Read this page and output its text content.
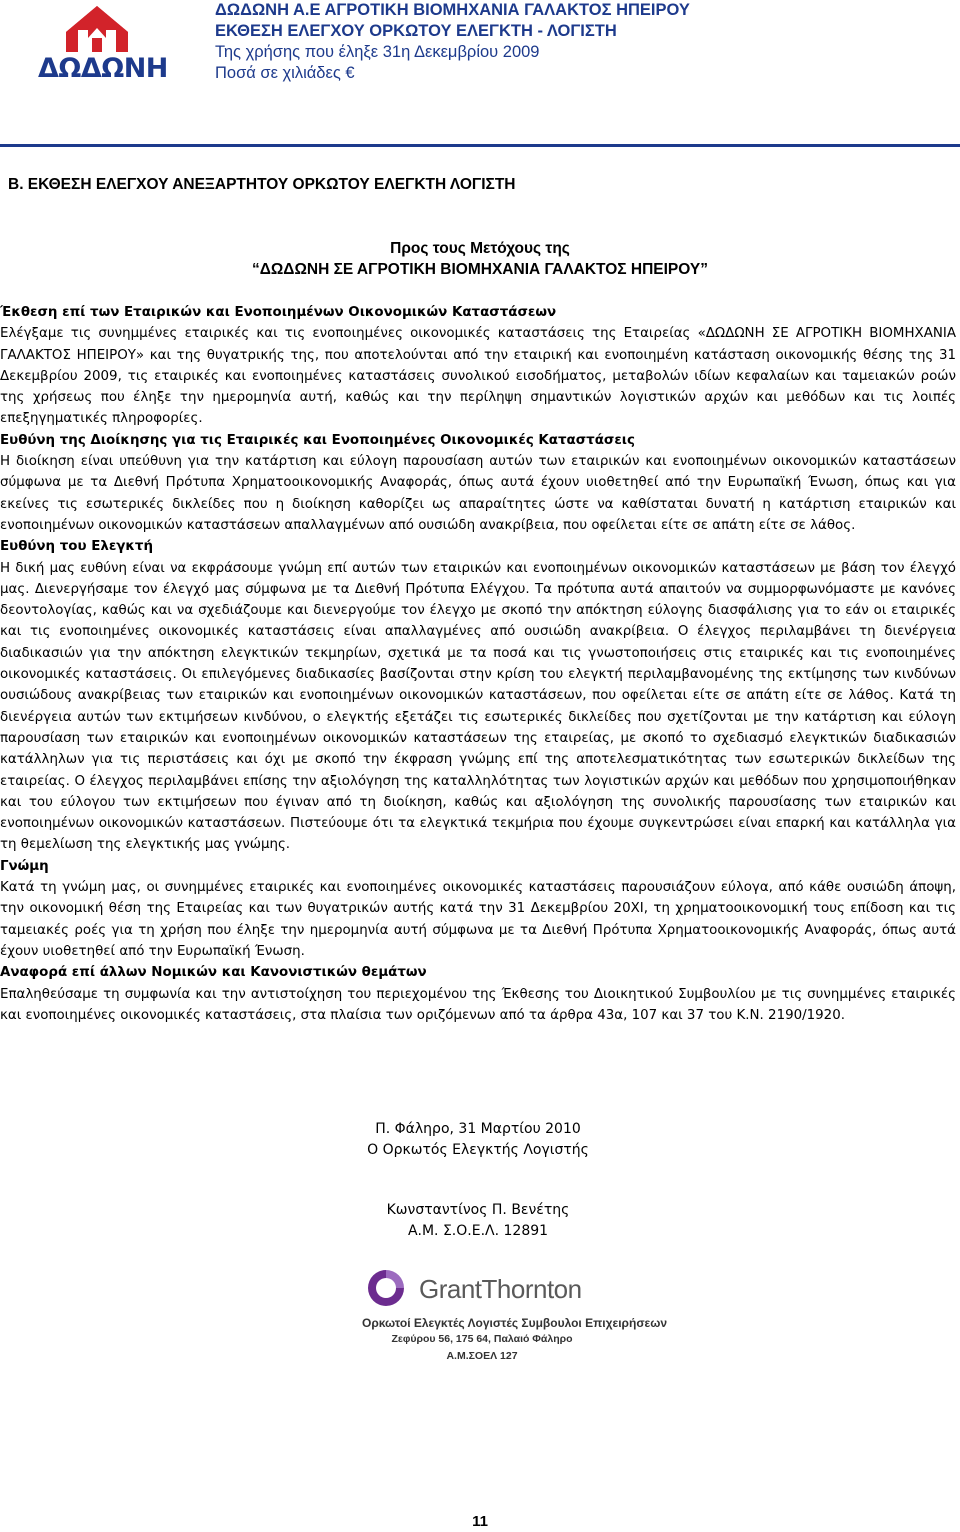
ΔΩΔΩΝΗ
ΔΩΔΩΝΗ Α.Ε ΑΓΡΟΤΙΚΗ ΒΙΟΜΗΧΑΝΙΑ ΓΑΛΑΚΤΟΣ ΗΠΕΙΡΟΥ
ΕΚΘΕΣΗ ΕΛΕΓΧΟΥ ΟΡΚΩΤΟΥ ΕΛΕΓΚΤΗ - ΛΟΓΙΣΤΗ
Της χρήσης που έληξε 31η Δεκεμβρίου 2009
Ποσά σε χιλιάδες €
Β. ΕΚΘΕΣΗ ΕΛΕΓΧΟΥ ΑΝΕΞΑΡΤΗΤΟΥ ΟΡΚΩΤΟΥ ΕΛΕΓΚΤΗ ΛΟΓΙΣΤΗ
Προς τους Μετόχους της
“ΔΩΔΩΝΗ ΣΕ ΑΓΡΟΤΙΚΗ ΒΙΟΜΗΧΑΝΙΑ ΓΑΛΑΚΤΟΣ ΗΠΕΙΡΟΥ”
Έκθεση επί των Εταιρικών και Ενοποιημένων Οικονομικών Καταστάσεων

Ελέγξαμε τις συνημμένες εταιρικές και τις ενοποιημένες οικονομικές καταστάσεις της Εταιρείας «ΔΩΔΩΝΗ ΣΕ ΑΓΡΟΤΙΚΗ ΒΙΟΜΗΧΑΝΙΑ ΓΑΛΑΚΤΟΣ ΗΠΕΙΡΟΥ» και της θυγατρικής της, που αποτελούνται από την εταιρική και ενοποιημένη κατάσταση οικονομικής θέσης της 31 Δεκεμβρίου 2009, τις εταιρικές και ενοποιημένες καταστάσεις συνολικού εισοδήματος, μεταβολών ιδίων κεφαλαίων και ταμειακών ροών της χρήσεως που έληξε την ημερομηνία αυτή, καθώς και την περίληψη σημαντικών λογιστικών αρχών και μεθόδων και τις λοιπές επεξηγηματικές πληροφορίες.

Ευθύνη της Διοίκησης για τις Εταιρικές και Ενοποιημένες Οικονομικές Καταστάσεις

Η διοίκηση είναι υπεύθυνη για την κατάρτιση και εύλογη παρουσίαση αυτών των εταιρικών και ενοποιημένων οικονομικών καταστάσεων σύμφωνα με τα Διεθνή Πρότυπα Χρηματοοικονομικής Αναφοράς, όπως αυτά έχουν υιοθετηθεί από την Ευρωπαϊκή Ένωση, όπως και για εκείνες τις εσωτερικές δικλείδες που η διοίκηση καθορίζει ως απαραίτητες ώστε να καθίσταται δυνατή η κατάρτιση εταιρικών και ενοποιημένων οικονομικών καταστάσεων απαλλαγμένων από ουσιώδη ανακρίβεια, που οφείλεται είτε σε απάτη είτε σε λάθος.

Ευθύνη του Ελεγκτή

Η δική μας ευθύνη είναι να εκφράσουμε γνώμη επί αυτών των εταιρικών και ενοποιημένων οικονομικών καταστάσεων με βάση τον έλεγχό μας. Διενεργήσαμε τον έλεγχό μας σύμφωνα με τα Διεθνή Πρότυπα Ελέγχου. Τα πρότυπα αυτά απαιτούν να συμμορφωνόμαστε με κανόνες δεοντολογίας, καθώς και να σχεδιάζουμε και διενεργούμε τον έλεγχο με σκοπό την απόκτηση εύλογης διασφάλισης για το εάν οι εταιρικές και τις ενοποιημένες οικονομικές καταστάσεις είναι απαλλαγμένες από ουσιώδη ανακρίβεια. Ο έλεγχος περιλαμβάνει τη διενέργεια διαδικασιών για την απόκτηση ελεγκτικών τεκμηρίων, σχετικά με τα ποσά και τις γνωστοποιήσεις στις εταιρικές και τις ενοποιημένες οικονομικές καταστάσεις. Οι επιλεγόμενες διαδικασίες βασίζονται στην κρίση του ελεγκτή περιλαμβανομένης της εκτίμησης των κινδύνων ουσιώδους ανακρίβειας των εταιρικών και ενοποιημένων οικονομικών καταστάσεων, που οφείλεται είτε σε απάτη είτε σε λάθος. Κατά τη διενέργεια αυτών των εκτιμήσεων κινδύνου, ο ελεγκτής εξετάζει τις εσωτερικές δικλείδες που σχετίζονται με την κατάρτιση και εύλογη παρουσίαση των εταιρικών και ενοποιημένων οικονομικών καταστάσεων της εταιρείας, με σκοπό το σχεδιασμό ελεγκτικών διαδικασιών κατάλληλων για τις περιστάσεις και όχι με σκοπό την έκφραση γνώμης επί της αποτελεσματικότητας των εσωτερικών δικλείδων της εταιρείας. Ο έλεγχος περιλαμβάνει επίσης την αξιολόγηση της καταλληλότητας των λογιστικών αρχών και μεθόδων που χρησιμοποιήθηκαν και του εύλογου των εκτιμήσεων που έγιναν από τη διοίκηση, καθώς και αξιολόγηση της συνολικής παρουσίασης των εταιρικών και ενοποιημένων οικονομικών καταστάσεων. Πιστεύουμε ότι τα ελεγκτικά τεκμήρια που έχουμε συγκεντρώσει είναι επαρκή και κατάλληλα για τη θεμελίωση της ελεγκτικής μας γνώμης.

Γνώμη

Κατά τη γνώμη μας, οι συνημμένες εταιρικές και ενοποιημένες οικονομικές καταστάσεις παρουσιάζουν εύλογα, από κάθε ουσιώδη άποψη, την οικονομική θέση της Εταιρείας και των θυγατρικών αυτής κατά την 31 Δεκεμβρίου 20ΧΙ, τη χρηματοοικονομική τους επίδοση και τις ταμειακές ροές για τη χρήση που έληξε την ημερομηνία αυτή σύμφωνα με τα Διεθνή Πρότυπα Χρηματοοικονομικής Αναφοράς, όπως αυτά έχουν υιοθετηθεί από την Ευρωπαϊκή Ένωση.

Αναφορά επί άλλων Νομικών και Κανονιστικών θεμάτων

Επαληθεύσαμε τη συμφωνία και την αντιστοίχηση του περιεχομένου της Έκθεσης του Διοικητικού Συμβουλίου με τις συνημμένες εταιρικές και ενοποιημένες οικονομικές καταστάσεις, στα πλαίσια των οριζόμενων από τα άρθρα 43α, 107 και 37 του Κ.Ν. 2190/1920.

Π. Φάληρο, 31 Μαρτίου 2010
Ο Ορκωτός Ελεγκτής Λογιστής
Κωνσταντίνος Π. Βενέτης
Α.Μ. Σ.Ο.Ε.Λ. 12891
GrantThornton
Ορκωτοί Ελεγκτές Λογιστές Συμβουλοι Επιχειρήσεων
Ζεφύρου 56, 175 64, Παλαιό Φάληρο
Α.Μ.ΣΟΕΛ 127
11
